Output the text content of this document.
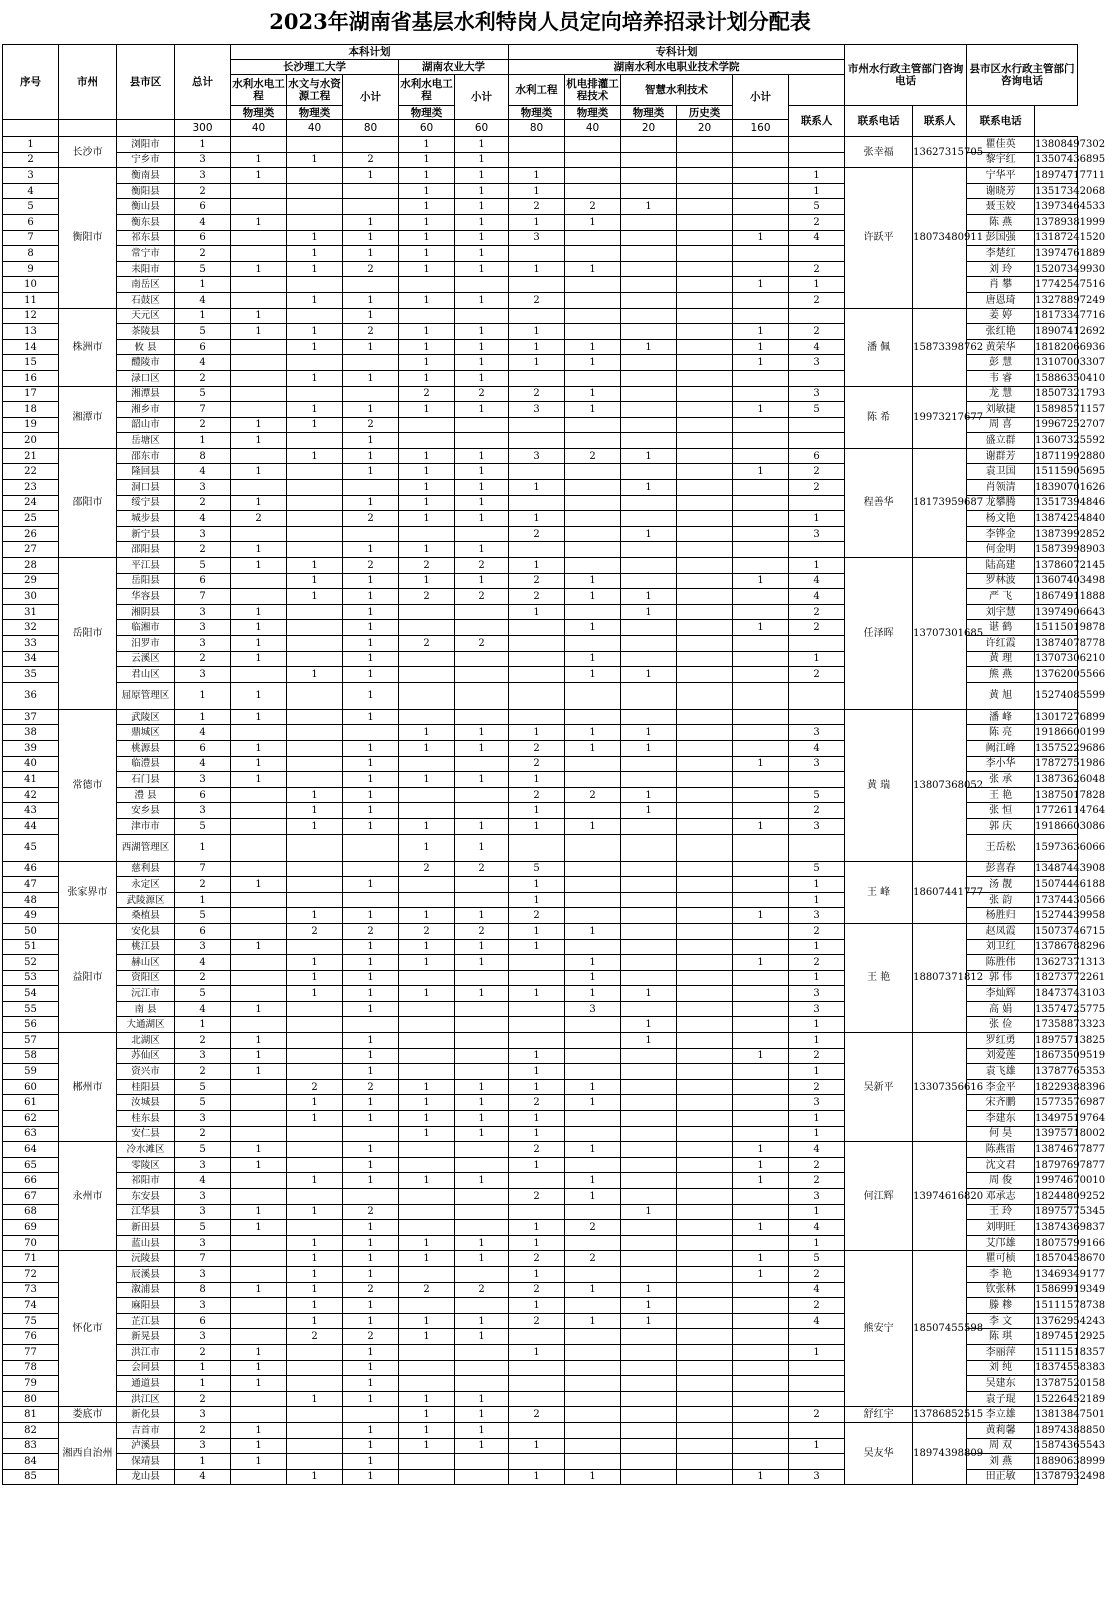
2023年湖南省基层水利特岗人员定向培养招录计划分配表
序号	市州	县市区	总计	本科计划					专科计划						市州水行政主管部门咨询电话		县市区水行政主管部门咨询电话	
				长沙理工大学			湖南农业大学		湖南水利水电职业技术学院									
				水利水电工程	水文与水资源工程	小计	水利水电工程	小计	水利工程	机电排灌工程技术	智慧水利技术		小计					
				物理类	物理类		物理类		物理类	物理类	物理类	历史类		联系人	联系电话	联系人	联系电话	
			300	40	40	80	60	60	80	40	20	20	160					
1	长沙市	浏阳市	1				1	1							张幸福	13627315705	瞿佳英	13808497302
2		宁乡市	3	1	1	2	1	1									黎宇红	13507436895
3	衡阳市	衡南县	3	1		1	1	1	1					1	许跃平	18073480911	宁华平	18974717711
4		衡阳县	2				1	1	1					1			谢晓芳	13517342068
5		衡山县	6				1	1	2	2	1			5			聂玉姣	13973464533
6		衡东县	4	1		1	1	1	1	1				2			陈 燕	13789381999
7		祁东县	6		1	1	1	1	3				1	4			彭国强	13187241520
8		常宁市	2		1	1	1	1									李楚红	13974761889
9		耒阳市	5	1	1	2	1	1	1	1				2			刘 玲	15207349930
10		南岳区	1										1	1			肖 攀	17742547516
11		石鼓区	4		1	1	1	1	2					2			唐恩琦	13278897249
12	株洲市	天元区	1	1		1									潘 佩	15873398762	姜 婷	18173347716
13		茶陵县	5	1	1	2	1	1	1				1	2			张红艳	18907412692
14		攸 县	6		1	1	1	1	1	1	1		1	4			黄荣华	18182066936
15		醴陵市	4				1	1	1	1			1	3			彭 慧	13107003307
16		渌口区	2		1	1	1	1									韦 睿	15886350410
17	湘潭市	湘潭县	5				2	2	2	1				3	陈 希	19973217677	龙 慧	18507321793
18		湘乡市	7		1	1	1	1	3	1			1	5			刘敏捷	15898571157
19		韶山市	2	1	1	2											周 喜	19967252707
20		岳塘区	1	1		1											盛立群	13607325592
21	邵阳市	邵东市	8		1	1	1	1	3	2	1			6	程善华	18173959687	谢群芳	18711992880
22		隆回县	4	1		1	1	1					1	2			袁卫国	15115905695
23		洞口县	3				1	1	1		1			2			肖领清	18390701626
24		绥宁县	2	1		1	1	1									龙攀腾	13517394846
25		城步县	4	2		2	1	1	1					1			杨文艳	13874254840
26		新宁县	3						2		1			3			李铧金	13873992852
27		邵阳县	2	1		1	1	1									何金明	15873998903
28	岳阳市	平江县	5	1	1	2	2	2	1					1	任泽晖	13707301685	陆高建	13786072145
29		岳阳县	6		1	1	1	1	2	1			1	4			罗林波	13607403498
30		华容县	7		1	1	2	2	2	1	1			4			严 飞	18674911888
31		湘阴县	3	1		1			1		1			2			刘宇慧	13974906643
32		临湘市	3	1		1				1			1	2			谌 鹤	15115019878
33		汨罗市	3	1		1	2	2									许红霞	13874078778
34		云溪区	2	1		1				1				1			黄 理	13707306210
35		君山区	3		1	1				1	1			2			熊 燕	13762005566
36		屈原管理区	1	1		1											黄 旭	15274085599
37	常德市	武陵区	1	1		1									黄 瑞	13807368052	潘 峰	13017276899
38		鼎城区	4				1	1	1	1	1			3			陈 亮	19186600199
39		桃源县	6	1		1	1	1	2	1	1			4			阙江峰	13575229686
40		临澧县	4	1		1			2				1	3			李小华	17872751986
41		石门县	3	1		1	1	1	1								张 承	13873626048
42		澧 县	6		1	1			2	2	1			5			王 艳	13875017828
43		安乡县	3		1	1			1		1			2			张 恒	17726114764
44		津市市	5		1	1	1	1	1	1			1	3			郭 庆	19186603086
45		西湖管理区	1				1	1									王岳松	15973636066
46	张家界市	慈利县	7				2	2	5					5	王 峰	18607441777	彭喜春	13487443908
47		永定区	2	1		1			1					1			汤 靓	15074446188
48		武陵源区	1						1					1			张 韵	17374430566
49		桑植县	5		1	1	1	1	2				1	3			杨胜归	15274439958
50	益阳市	安化县	6		2	2	2	2	1	1				2	王 艳	18807371812	赵凤霞	15073746715
51		桃江县	3	1		1	1	1	1					1			刘卫红	13786788296
52		赫山区	4		1	1	1	1		1			1	2			陈胜伟	13627371313
53		资阳区	2		1	1				1				1			郭 伟	18273772261
54		沅江市	5		1	1	1	1	1	1	1			3			李灿辉	18473743103
55		南 县	4	1		1				3				3			高 娟	13574725775
56		大通湖区	1								1			1			张 俭	17358873323
57	郴州市	北湖区	2	1		1					1			1	吴新平	13307356616	罗红勇	18975713825
58		苏仙区	3	1		1			1				1	2			刘爱莲	18673509519
59		资兴市	2	1		1			1					1			袁飞雄	13787765353
60		桂阳县	5		2	2	1	1	1	1				2			李金平	18229388396
61		汝城县	5		1	1	1	1	2	1				3			宋齐鹏	15773576987
62		桂东县	3		1	1	1	1	1					1			李建东	13497519764
63		安仁县	2				1	1	1					1			何 昊	13975718002
64	永州市	冷水滩区	5	1		1			2	1			1	4	何江辉	13974616820	陈燕雷	13874677877
65		零陵区	3	1		1			1				1	2			沈文君	18797697877
66		祁阳市	4		1	1	1	1		1			1	2			周 俊	19974670010
67		东安县	3						2	1				3			邓承志	18244809252
68		江华县	3	1	1	2					1			1			王 玲	18975775345
69		新田县	5	1		1			1	2			1	4			刘明旺	13874369837
70		蓝山县	3		1	1	1	1	1					1			艾邝雄	18075799166
71	怀化市	沅陵县	7		1	1	1	1	2	2			1	5	熊安宁	18507455598	瞿可桢	18570458670
72		辰溪县	3		1	1			1				1	2			李 艳	13469349177
73		溆浦县	8	1	1	2	2	2	2	1	1			4			钦张林	15869919349
74		麻阳县	3		1	1			1		1			2			滕 糁	15111578738
75		芷江县	6		1	1	1	1	2	1	1			4			李 文	13762954243
76		新晃县	3		2	2	1	1									陈 琪	18974512925
77		洪江市	2	1		1			1					1			李丽萍	15111518357
78		会同县	1	1		1											刘 纯	18374558383
79		通道县	1	1		1											吴建东	13787520158
80		洪江区	2		1	1	1	1									袁子琨	15226452189
81	娄底市	新化县	3				1	1	2					2	舒红宇	13786852515	李立雄	13813847501
82	湘西自治州	吉首市	2	1		1	1	1							吴友华	18974398809	黄莉馨	18974388850
83		泸溪县	3	1		1	1	1	1					1			周 双	15874365543
84		保靖县	1	1		1											刘 燕	18890638999
85		龙山县	4		1	1			1	1			1	3			田正敏	13787932498
